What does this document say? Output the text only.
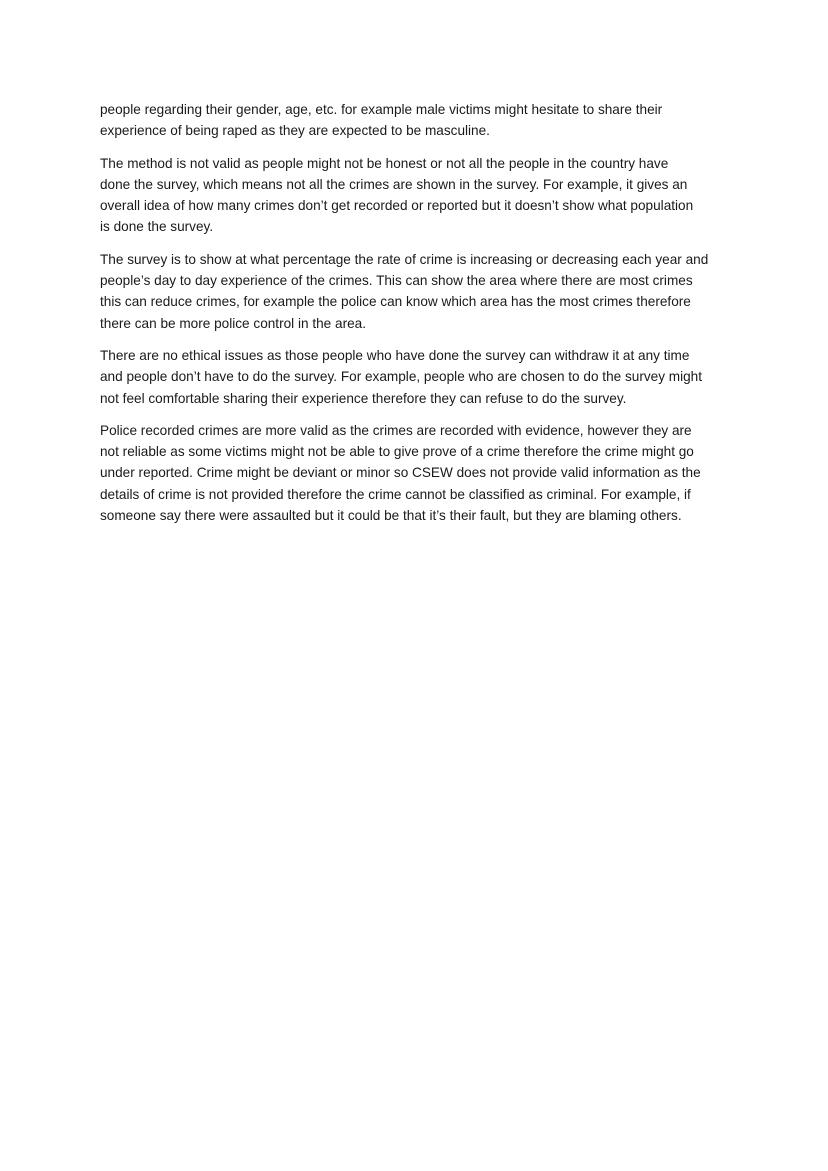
people regarding their gender, age, etc. for example male victims might hesitate to share their
experience of being raped as they are expected to be masculine.

The method is not valid as people might not be honest or not all the people in the country have
done the survey, which means not all the crimes are shown in the survey. For example, it gives an
overall idea of how many crimes don’t get recorded or reported but it doesn’t show what population
is done the survey.

The survey is to show at what percentage the rate of crime is increasing or decreasing each year and
people’s day to day experience of the crimes. This can show the area where there are most crimes
this can reduce crimes, for example the police can know which area has the most crimes therefore
there can be more police control in the area.

There are no ethical issues as those people who have done the survey can withdraw it at any time
and people don’t have to do the survey. For example, people who are chosen to do the survey might
not feel comfortable sharing their experience therefore they can refuse to do the survey.

Police recorded crimes are more valid as the crimes are recorded with evidence, however they are
not reliable as some victims might not be able to give prove of a crime therefore the crime might go
under reported. Crime might be deviant or minor so CSEW does not provide valid information as the
details of crime is not provided therefore the crime cannot be classified as criminal. For example, if
someone say there were assaulted but it could be that it’s their fault, but they are blaming others.
